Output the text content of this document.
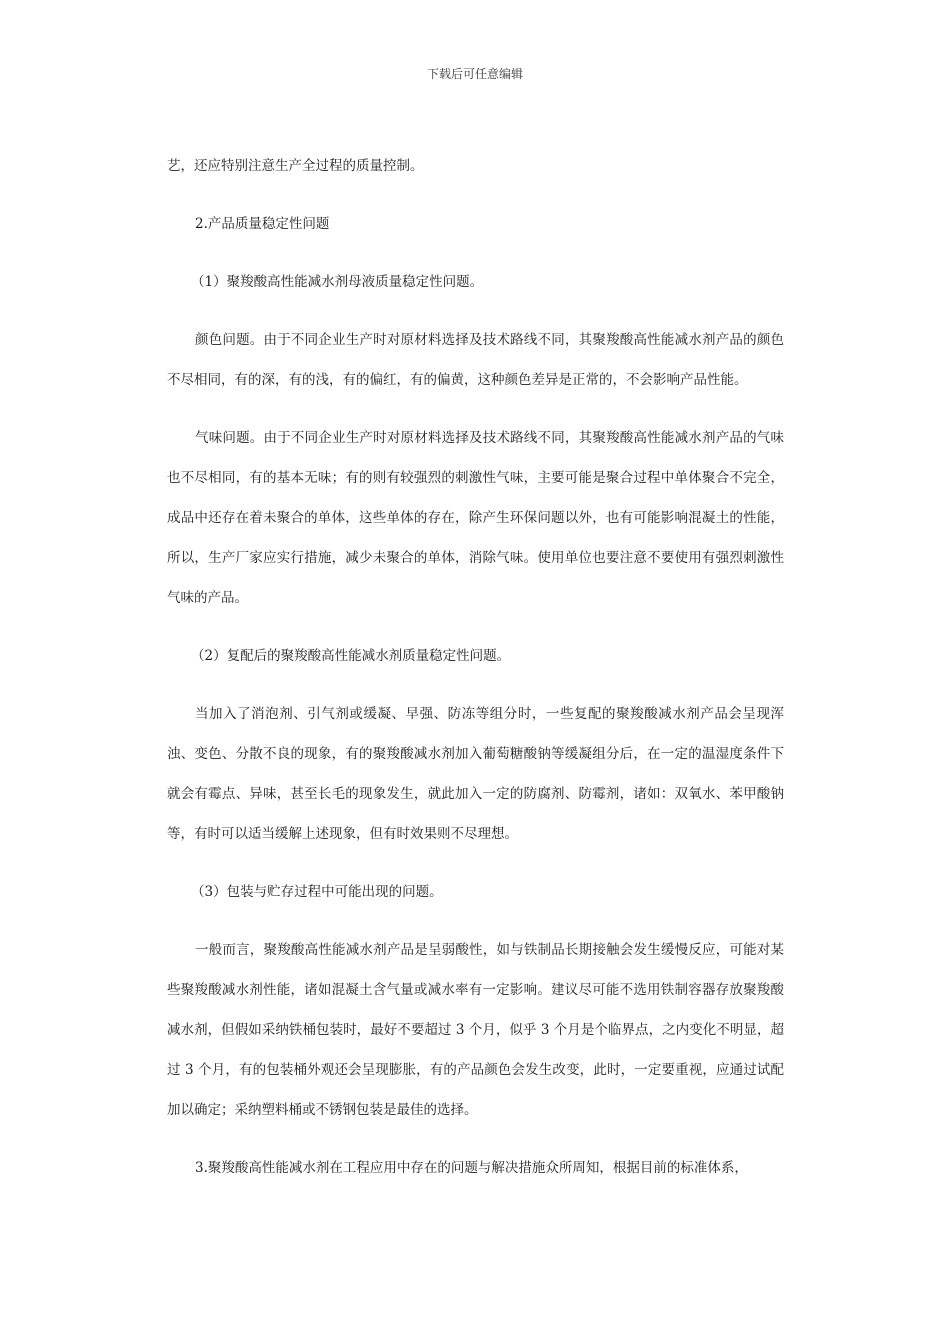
下载后可任意编辑

艺，还应特别注意生产全过程的质量控制。

2.产品质量稳定性问题

（1）聚羧酸高性能减水剂母液质量稳定性问题。

颜色问题。由于不同企业生产时对原材料选择及技术路线不同，其聚羧酸高性能减水剂产品的颜色不尽相同，有的深，有的浅，有的偏红，有的偏黄，这种颜色差异是正常的，不会影响产品性能。

气味问题。由于不同企业生产时对原材料选择及技术路线不同，其聚羧酸高性能减水剂产品的气味也不尽相同，有的基本无味；有的则有较强烈的刺激性气味，主要可能是聚合过程中单体聚合不完全，成品中还存在着未聚合的单体，这些单体的存在，除产生环保问题以外，也有可能影响混凝土的性能，所以，生产厂家应实行措施，减少未聚合的单体，消除气味。使用单位也要注意不要使用有强烈刺激性气味的产品。

（2）复配后的聚羧酸高性能减水剂质量稳定性问题。

当加入了消泡剂、引气剂或缓凝、早强、防冻等组分时，一些复配的聚羧酸减水剂产品会呈现浑浊、变色、分散不良的现象，有的聚羧酸减水剂加入葡萄糖酸钠等缓凝组分后，在一定的温湿度条件下就会有霉点、异味，甚至长毛的现象发生，就此加入一定的防腐剂、防霉剂，诸如：双氧水、苯甲酸钠等，有时可以适当缓解上述现象，但有时效果则不尽理想。

（3）包装与贮存过程中可能出现的问题。

一般而言，聚羧酸高性能减水剂产品是呈弱酸性，如与铁制品长期接触会发生缓慢反应，可能对某些聚羧酸减水剂性能，诸如混凝土含气量或减水率有一定影响。建议尽可能不选用铁制容器存放聚羧酸减水剂，但假如采纳铁桶包装时，最好不要超过 3 个月，似乎 3 个月是个临界点，之内变化不明显，超过 3 个月，有的包装桶外观还会呈现膨胀，有的产品颜色会发生改变，此时，一定要重视，应通过试配加以确定；采纳塑料桶或不锈钢包装是最佳的选择。

3.聚羧酸高性能减水剂在工程应用中存在的问题与解决措施众所周知，根据目前的标准体系，
